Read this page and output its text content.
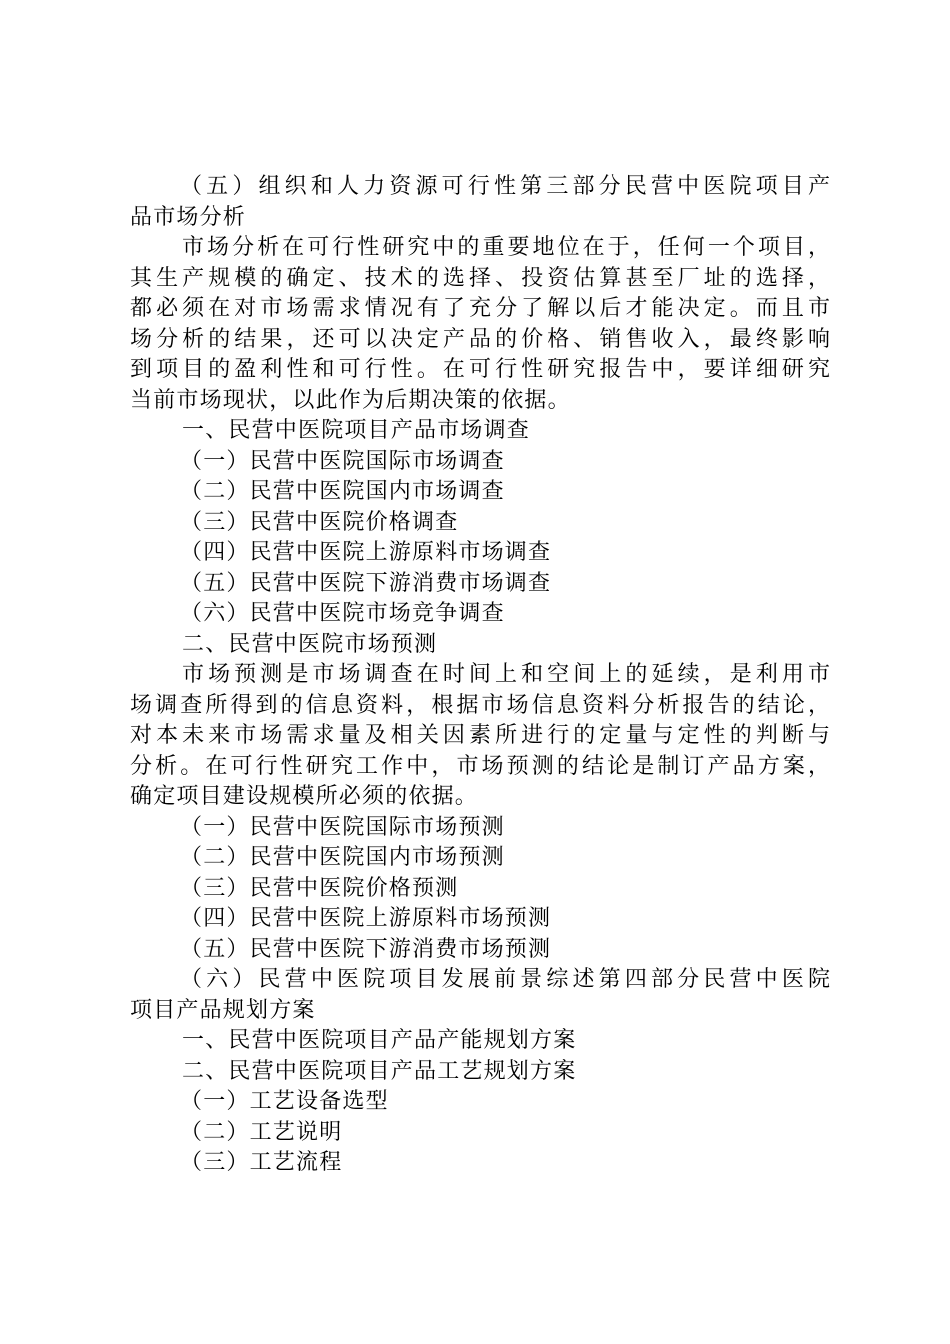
（五）组织和人力资源可行性第三部分民营中医院项目产
品市场分析
市场分析在可行性研究中的重要地位在于，任何一个项目，
其生产规模的确定、技术的选择、投资估算甚至厂址的选择，
都必须在对市场需求情况有了充分了解以后才能决定。而且市
场分析的结果，还可以决定产品的价格、销售收入，最终影响
到项目的盈利性和可行性。在可行性研究报告中，要详细研究
当前市场现状，以此作为后期决策的依据。
一、民营中医院项目产品市场调查
（一）民营中医院国际市场调查
（二）民营中医院国内市场调查
（三）民营中医院价格调查
（四）民营中医院上游原料市场调查
（五）民营中医院下游消费市场调查
（六）民营中医院市场竞争调查
二、民营中医院市场预测
市场预测是市场调查在时间上和空间上的延续，是利用市
场调查所得到的信息资料，根据市场信息资料分析报告的结论，
对本未来市场需求量及相关因素所进行的定量与定性的判断与
分析。在可行性研究工作中，市场预测的结论是制订产品方案，
确定项目建设规模所必须的依据。
（一）民营中医院国际市场预测
（二）民营中医院国内市场预测
（三）民营中医院价格预测
（四）民营中医院上游原料市场预测
（五）民营中医院下游消费市场预测
（六）民营中医院项目发展前景综述第四部分民营中医院
项目产品规划方案
一、民营中医院项目产品产能规划方案
二、民营中医院项目产品工艺规划方案
（一）工艺设备选型
（二）工艺说明
（三）工艺流程
